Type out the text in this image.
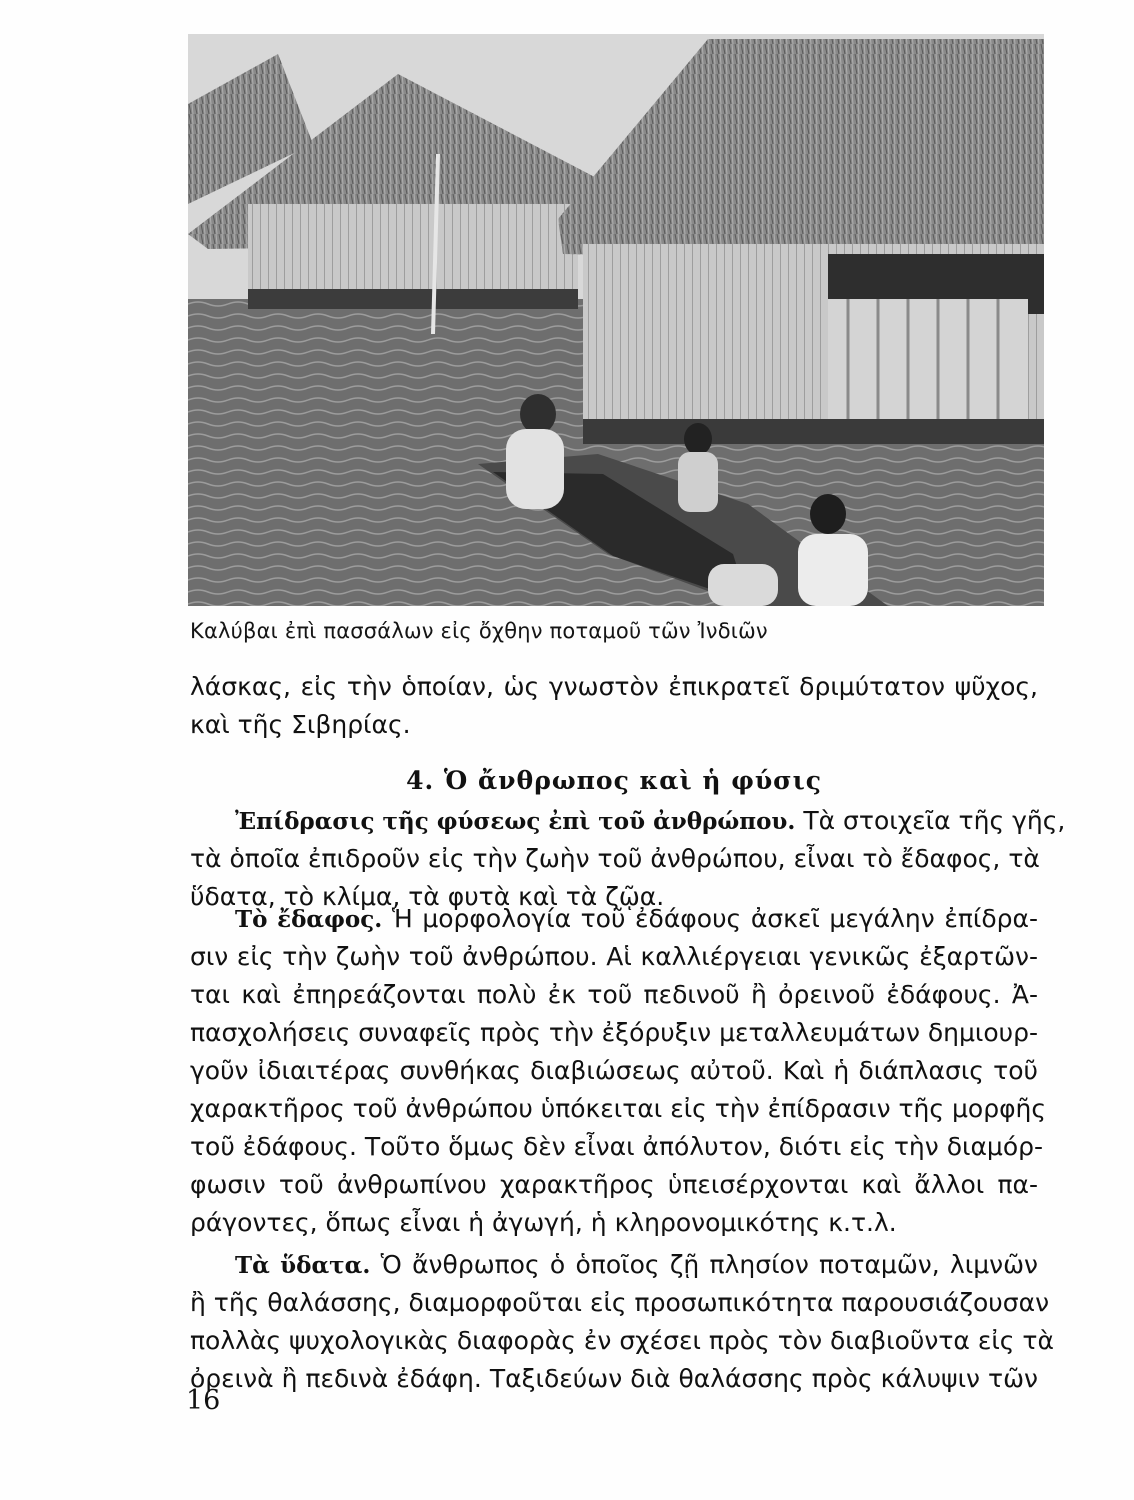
Καλύβαι ἐπὶ πασσάλων εἰς ὄχθην ποταμοῦ τῶν Ἰνδιῶν
λάσκας, εἰς τὴν ὁποίαν, ὡς γνωστὸν ἐπικρατεῖ δριμύτατον ψῦχος,
καὶ τῆς Σιβηρίας.
4. Ὁ ἄνθρωπος καὶ ἡ φύσις
Ἐπίδρασις τῆς φύσεως ἐπὶ τοῦ ἀνθρώπου. Τὰ στοιχεῖα τῆς γῆς,
τὰ ὁποῖα ἐπιδροῦν εἰς τὴν ζωὴν τοῦ ἀνθρώπου, εἶναι τὸ ἔδαφος, τὰ
ὕδατα, τὸ κλίμα, τὰ φυτὰ καὶ τὰ ζῷα.
Τὸ ἔδαφος. Ἡ μορφολογία τοῦ ἐδάφους ἀσκεῖ μεγάλην ἐπίδρα-
σιν εἰς τὴν ζωὴν τοῦ ἀνθρώπου. Αἱ καλλιέργειαι γενικῶς ἐξαρτῶν-
ται καὶ ἐπηρεάζονται πολὺ ἐκ τοῦ πεδινοῦ ἢ ὀρεινοῦ ἐδάφους. Ἀ-
πασχολήσεις συναφεῖς πρὸς τὴν ἐξόρυξιν μεταλλευμάτων δημιουρ-
γοῦν ἰδιαιτέρας συνθήκας διαβιώσεως αὐτοῦ. Καὶ ἡ διάπλασις τοῦ
χαρακτῆρος τοῦ ἀνθρώπου ὑπόκειται εἰς τὴν ἐπίδρασιν τῆς μορφῆς
τοῦ ἐδάφους. Τοῦτο ὅμως δὲν εἶναι ἀπόλυτον, διότι εἰς τὴν διαμόρ-
φωσιν τοῦ ἀνθρωπίνου χαρακτῆρος ὑπεισέρχονται καὶ ἄλλοι πα-
ράγοντες, ὅπως εἶναι ἡ ἀγωγή, ἡ κληρονομικότης κ.τ.λ.
Τὰ ὕδατα. Ὁ ἄνθρωπος ὁ ὁποῖος ζῇ πλησίον ποταμῶν, λιμνῶν
ἢ τῆς θαλάσσης, διαμορφοῦται εἰς προσωπικότητα παρουσιάζουσαν
πολλὰς ψυχολογικὰς διαφορὰς ἐν σχέσει πρὸς τὸν διαβιοῦντα εἰς τὰ
ὀρεινὰ ἢ πεδινὰ ἐδάφη. Ταξιδεύων διὰ θαλάσσης πρὸς κάλυψιν τῶν
16
